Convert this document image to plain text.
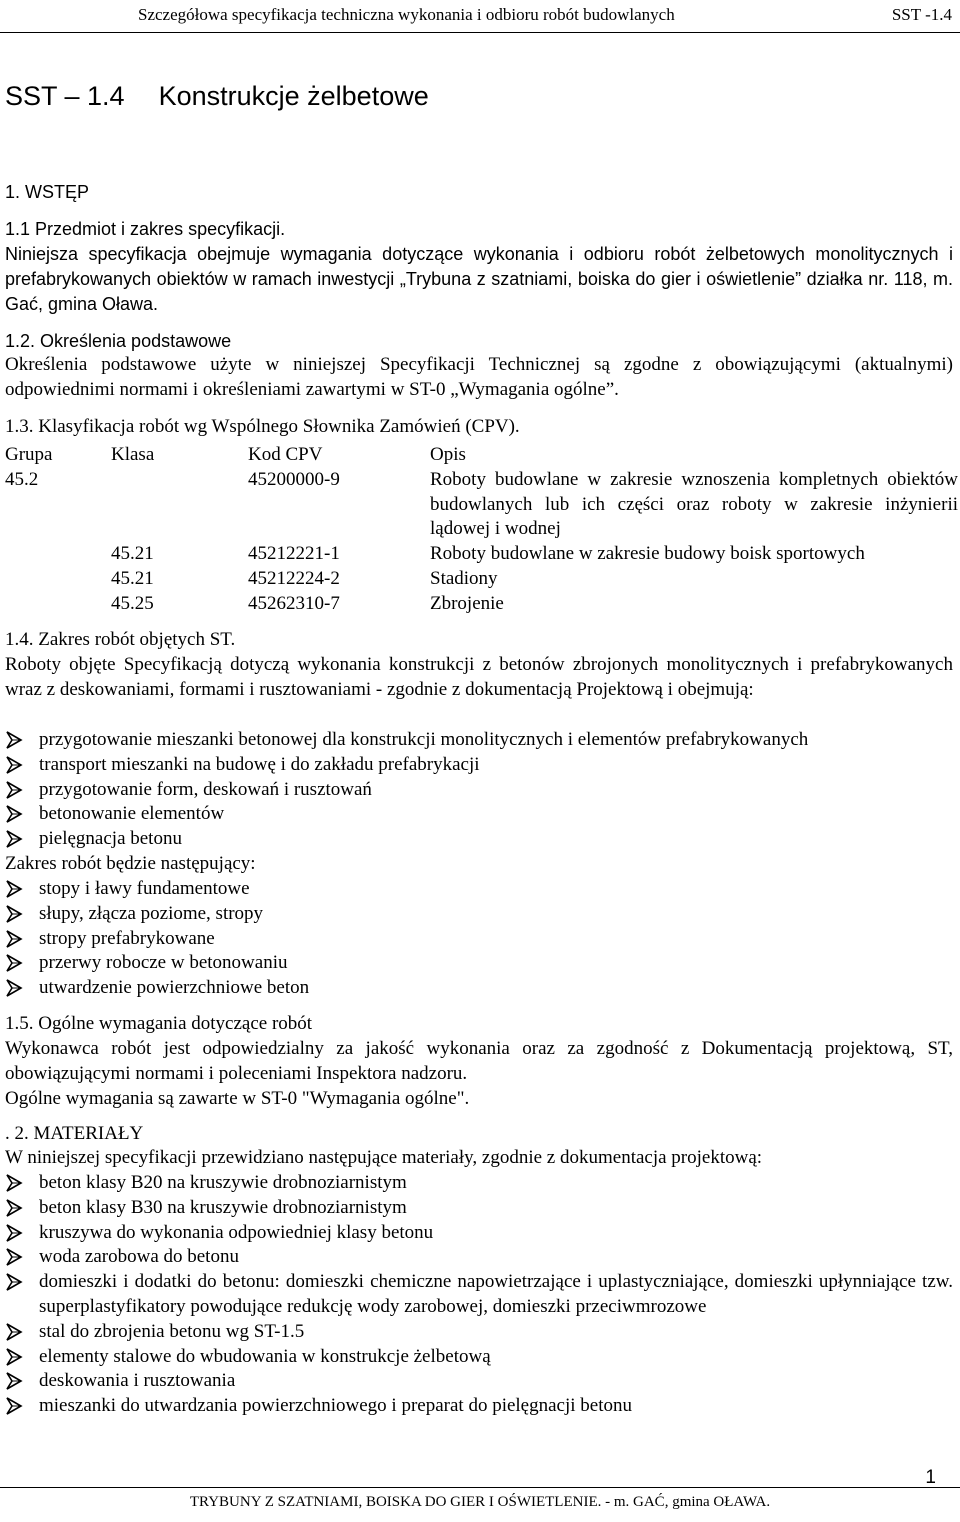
Szczegółowa specyfikacja techniczna wykonania i odbioru robót budowlanych	SST -1.4
SST – 1.4 Konstrukcje żelbetowe
1. WSTĘP
1.1 Przedmiot i zakres specyfikacji.

Niniejsza specyfikacja obejmuje wymagania dotyczące wykonania i odbioru robót żelbetowych monolitycznych i prefabrykowanych obiektów w ramach inwestycji „Trybuna z szatniami, boiska do gier i oświetlenie” działka nr. 118, m. Gać, gmina Oława.

1.2. Określenia podstawowe

Określenia podstawowe użyte w niniejszej Specyfikacji Technicznej są zgodne z obowiązującymi (aktualnymi) odpowiednimi normami i określeniami zawartymi w ST-0 „Wymagania ogólne”.

1.3. Klasyfikacja robót wg Wspólnego Słownika Zamówień (CPV).
Grupa	Klasa	Kod CPV	Opis
45.2		45200000-9	Roboty budowlane w zakresie wznoszenia kompletnych obiektów budowlanych lub ich części oraz roboty w zakresie inżynierii lądowej i wodnej
	45.21	45212221-1	Roboty budowlane w zakresie budowy boisk sportowych
	45.21	45212224-2	Stadiony
	45.25	45262310-7	Zbrojenie
1.4. Zakres robót objętych ST.

Roboty objęte Specyfikacją dotyczą wykonania konstrukcji z betonów zbrojonych monolitycznych i prefabrykowanych wraz z deskowaniami, formami i rusztowaniami - zgodnie z dokumentacją Projektową i obejmują:

przygotowanie mieszanki betonowej dla konstrukcji monolitycznych i elementów prefabrykowanych
transport mieszanki na budowę i do zakładu prefabrykacji
przygotowanie form, deskowań i rusztowań
betonowanie elementów
pielęgnacja betonu
Zakres robót będzie następujący:
stopy i ławy fundamentowe
słupy, złącza poziome, stropy
stropy prefabrykowane
przerwy robocze w betonowaniu
utwardzenie powierzchniowe beton
1.5. Ogólne wymagania dotyczące robót

Wykonawca robót jest odpowiedzialny za jakość wykonania oraz za zgodność z Dokumentacją projektową, ST, obowiązującymi normami i poleceniami Inspektora nadzoru.

Ogólne wymagania są zawarte w ST-0 "Wymagania ogólne".
. 2. MATERIAŁY
W niniejszej specyfikacji przewidziano następujące materiały, zgodnie z dokumentacja projektową:
beton klasy B20 na kruszywie drobnoziarnistym
beton klasy B30 na kruszywie drobnoziarnistym
kruszywa do wykonania odpowiedniej klasy betonu
woda zarobowa do betonu
domieszki i dodatki do betonu: domieszki chemiczne napowietrzające i uplastyczniające, domieszki upłynniające tzw. superplastyfikatory powodujące redukcję wody zarobowej, domieszki przeciwmrozowe
stal do zbrojenia betonu wg ST-1.5
elementy stalowe do wbudowania w konstrukcje żelbetową
deskowania i rusztowania
mieszanki do utwardzania powierzchniowego i preparat do pielęgnacji betonu
1
TRYBUNY Z SZATNIAMI, BOISKA DO GIER I OŚWIETLENIE. - m. GAĆ, gmina OŁAWA.
